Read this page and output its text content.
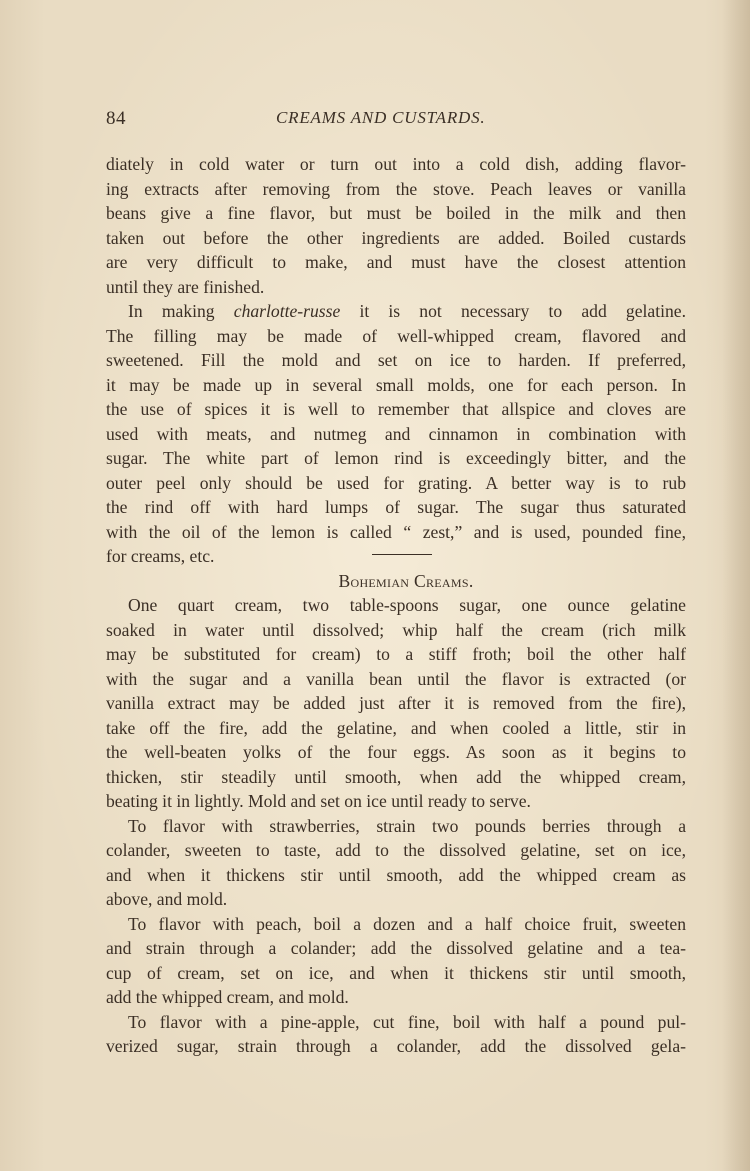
84	CREAMS AND CUSTARDS.

diately in cold water or turn out into a cold dish, adding flavor-
ing extracts after removing from the stove. Peach leaves or vanilla
beans give a fine flavor, but must be boiled in the milk and then
taken out before the other ingredients are added. Boiled custards
are very difficult to make, and must have the closest attention
until they are finished.

In making charlotte-russe it is not necessary to add gelatine.
The filling may be made of well-whipped cream, flavored and
sweetened. Fill the mold and set on ice to harden. If preferred,
it may be made up in several small molds, one for each person. In
the use of spices it is well to remember that allspice and cloves are
used with meats, and nutmeg and cinnamon in combination with
sugar. The white part of lemon rind is exceedingly bitter, and the
outer peel only should be used for grating. A better way is to rub
the rind off with hard lumps of sugar. The sugar thus saturated
with the oil of the lemon is called “ zest,” and is used, pounded fine,
for creams, etc.

Bohemian Creams.

One quart cream, two table-spoons sugar, one ounce gelatine
soaked in water until dissolved; whip half the cream (rich milk
may be substituted for cream) to a stiff froth; boil the other half
with the sugar and a vanilla bean until the flavor is extracted (or
vanilla extract may be added just after it is removed from the fire),
take off the fire, add the gelatine, and when cooled a little, stir in
the well-beaten yolks of the four eggs. As soon as it begins to
thicken, stir steadily until smooth, when add the whipped cream,
beating it in lightly. Mold and set on ice until ready to serve.

To flavor with strawberries, strain two pounds berries through a
colander, sweeten to taste, add to the dissolved gelatine, set on ice,
and when it thickens stir until smooth, add the whipped cream as
above, and mold.

To flavor with peach, boil a dozen and a half choice fruit, sweeten
and strain through a colander; add the dissolved gelatine and a tea-
cup of cream, set on ice, and when it thickens stir until smooth,
add the whipped cream, and mold.

To flavor with a pine-apple, cut fine, boil with half a pound pul-
verized sugar, strain through a colander, add the dissolved gela-
